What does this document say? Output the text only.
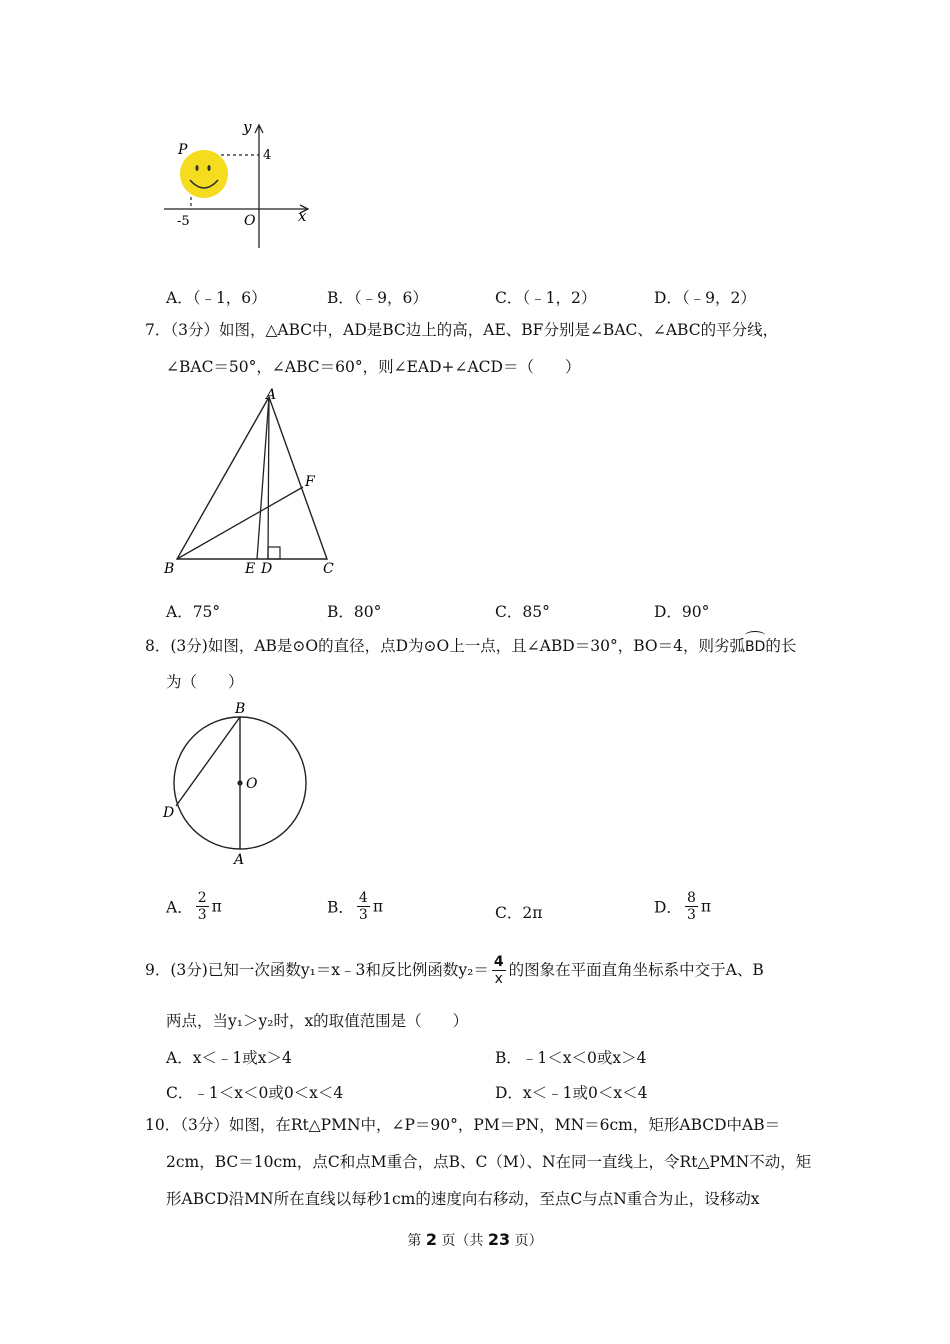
y
x
P	4
-5	O
A．（﹣1，6）	B．（﹣9，6）	C．（﹣1，2）	D．（﹣9，2）
7．（3分）如图，△ABC中，AD是BC边上的高，AE、BF分别是∠BAC、∠ABC的平分线，
∠BAC＝50°，∠ABC＝60°，则∠EAD+∠ACD＝（　　）
A
F
B	E D	C
A．75°	B．80°	C．85°	D．90°
8．(3分)如图，AB是⊙O的直径，点D为⊙O上一点，且∠ABD＝30°，BO＝4，则劣弧BD的长
为（　　）
B
O
D
A
A． $\frac{2}{3}$ π	B． $\frac{4}{3}$ π	C．2π	D． $\frac{8}{3}$ π
9．(3分)已知一次函数y₁＝x﹣3和反比例函数$y_2= \frac{4}{x}$ 的图象在平面直角坐标系中交于A、B
两点，当y₁＞y₂时，x的取值范围是（　　）
A．x＜﹣1或x＞4	B．﹣1＜x＜0或x＞4
C．﹣1＜x＜0或0＜x＜4	D．x＜﹣1或0＜x＜4
10．（3分）如图，在Rt△PMN中，∠P＝90°，PM＝PN，MN＝6cm，矩形ABCD中AB＝
2cm，BC＝10cm，点C和点M重合，点B、C（M）、N在同一直线上，令Rt△PMN不动，矩
形ABCD沿MN所在直线以每秒1cm的速度向右移动，至点C与点N重合为止，设移动x
第 2 页（共 23 页）
